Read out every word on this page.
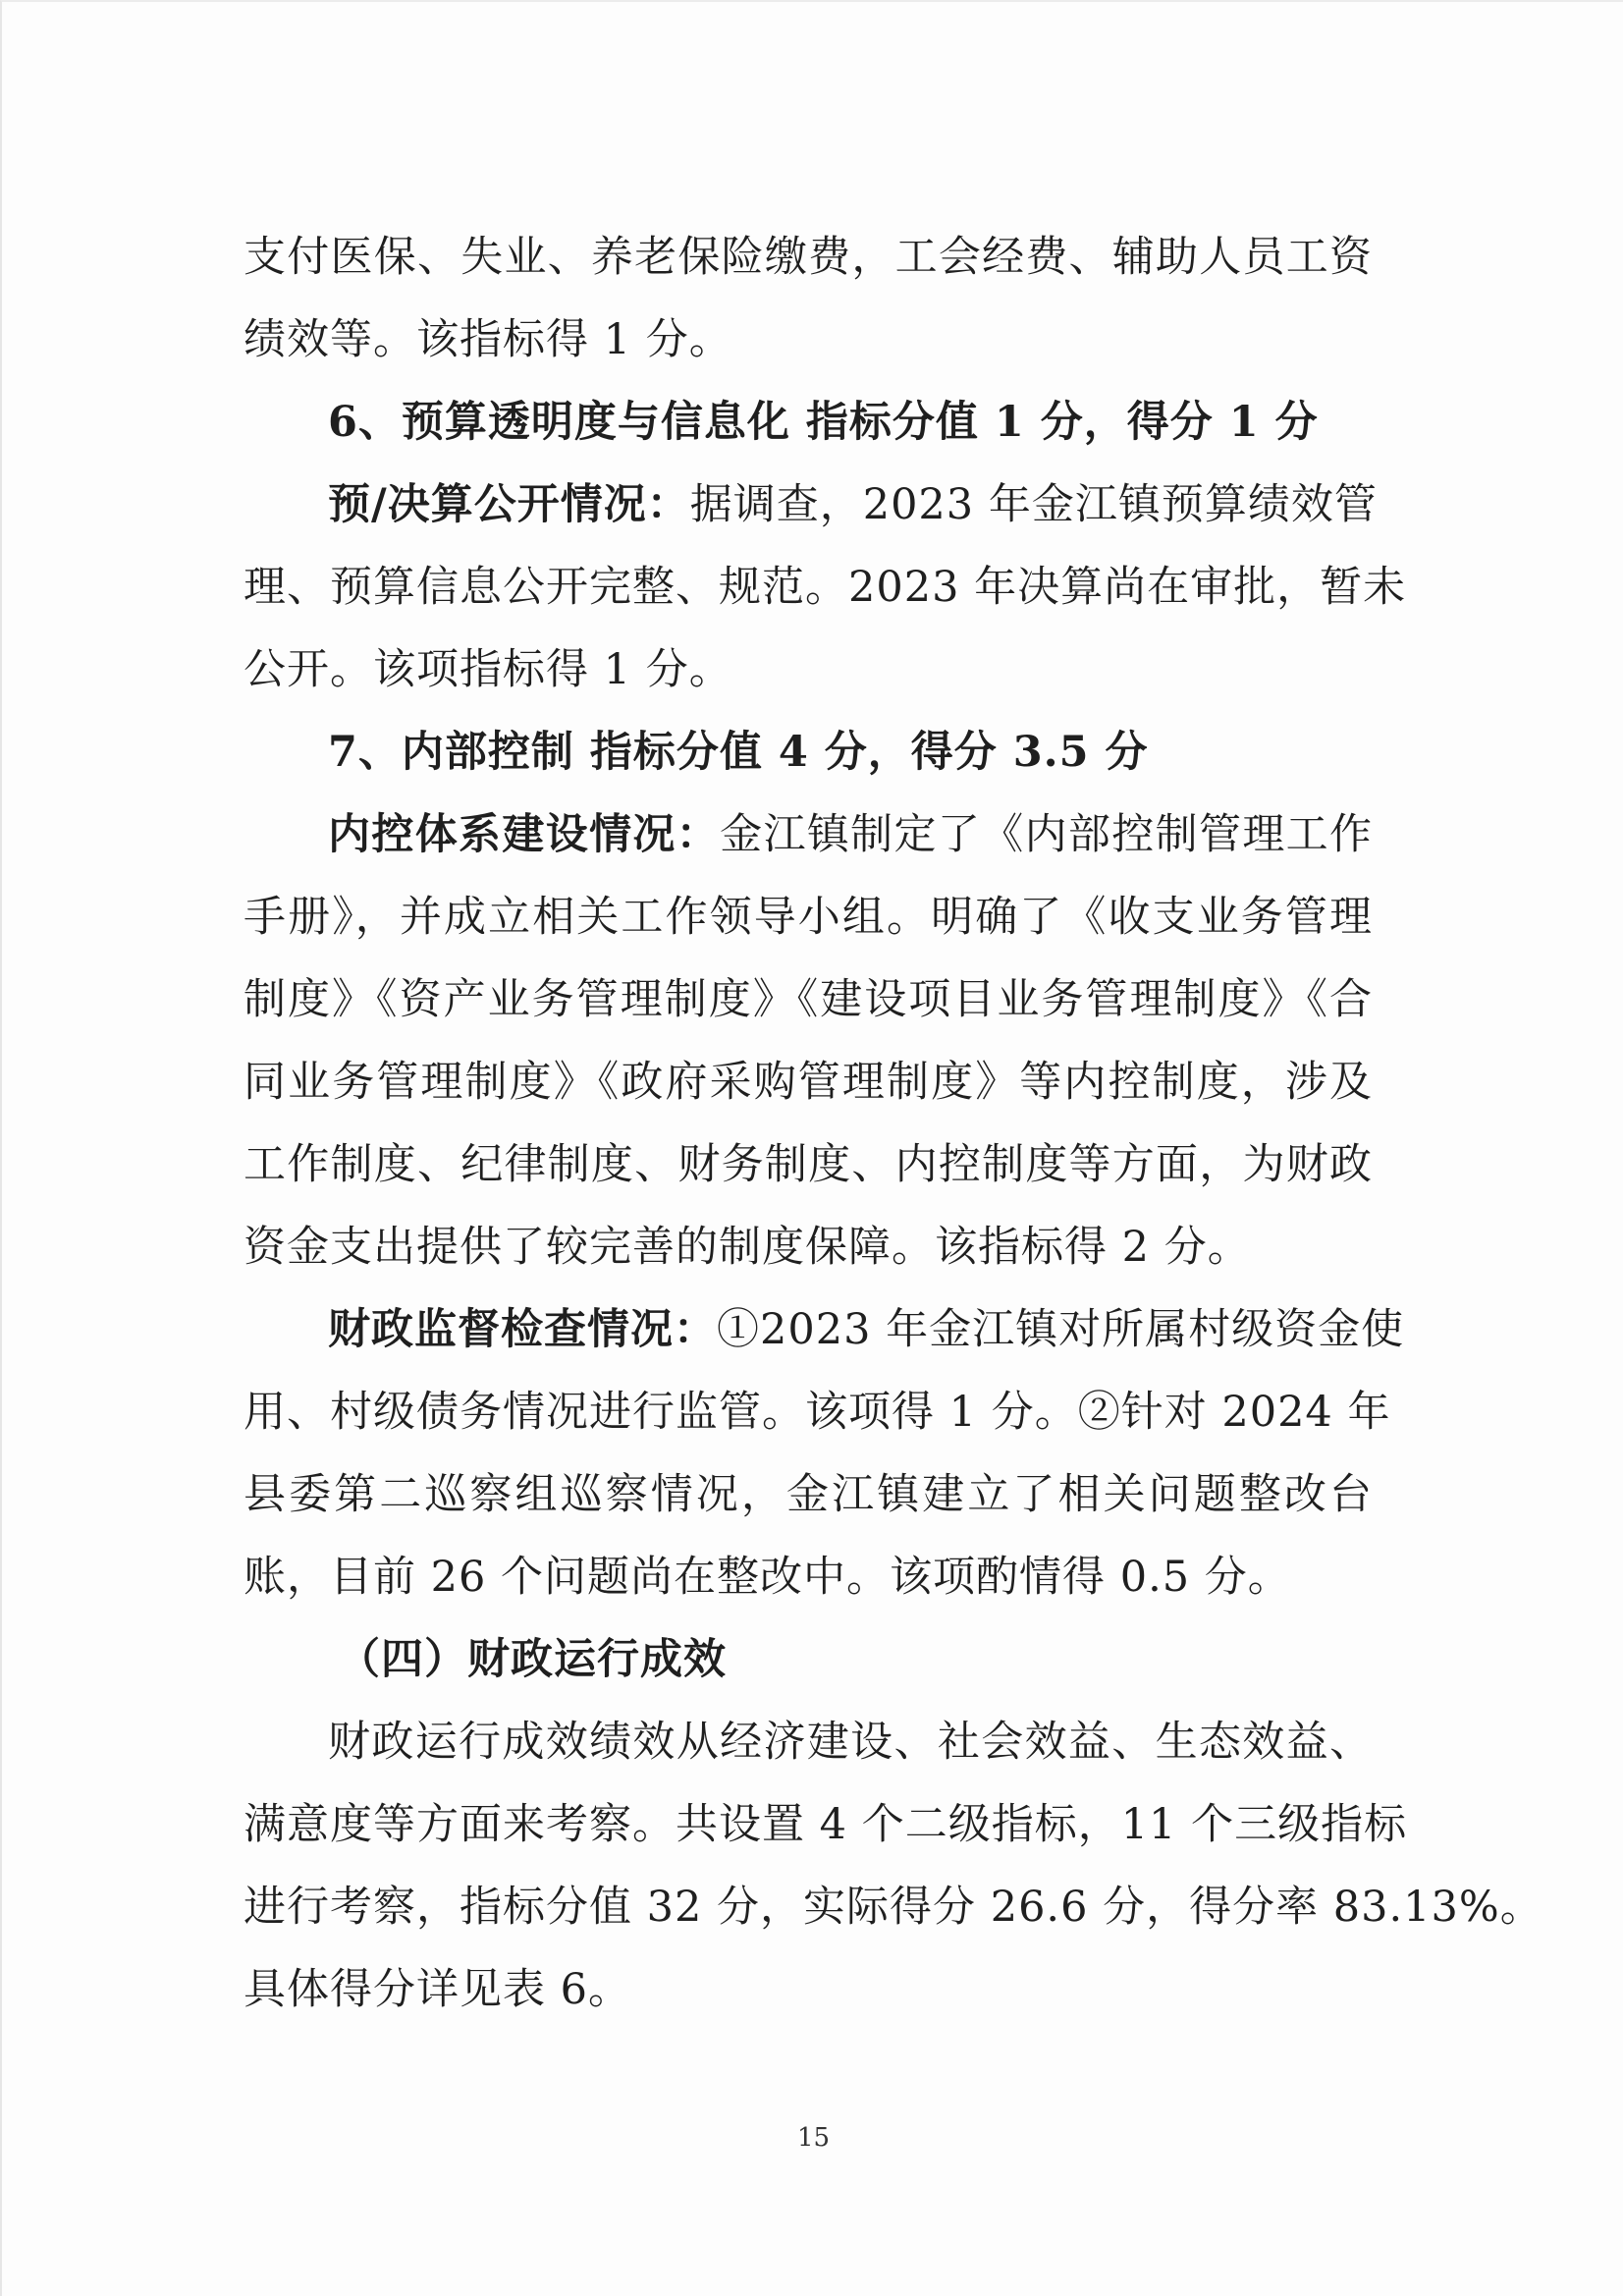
支付医保、失业、养老保险缴费，工会经费、辅助人员工资
绩效等。该指标得 1 分。
6、预算透明度与信息化 指标分值 1 分，得分 1 分
预/决算公开情况：据调查，2023 年金江镇预算绩效管
理、预算信息公开完整、规范。2023 年决算尚在审批，暂未
公开。该项指标得 1 分。
7、内部控制 指标分值 4 分，得分 3.5 分
内控体系建设情况：金江镇制定了《内部控制管理工作
手册》，并成立相关工作领导小组。明确了《收支业务管理
制度》《资产业务管理制度》《建设项目业务管理制度》《合
同业务管理制度》《政府采购管理制度》等内控制度，涉及
工作制度、纪律制度、财务制度、内控制度等方面，为财政
资金支出提供了较完善的制度保障。该指标得 2 分。
财政监督检查情况：①2023 年金江镇对所属村级资金使
用、村级债务情况进行监管。该项得 1 分。②针对 2024 年
县委第二巡察组巡察情况，金江镇建立了相关问题整改台
账，目前 26 个问题尚在整改中。该项酌情得 0.5 分。
（四）财政运行成效
财政运行成效绩效从经济建设、社会效益、生态效益、
满意度等方面来考察。共设置 4 个二级指标，11 个三级指标
进行考察，指标分值 32 分，实际得分 26.6 分，得分率 83.13%。
具体得分详见表 6。
15
